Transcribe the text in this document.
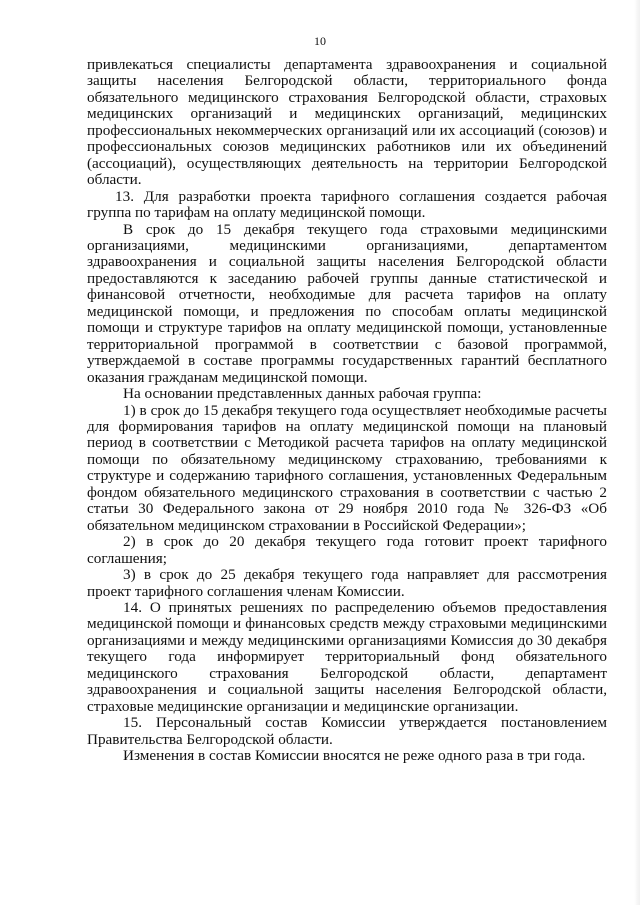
10

привлекаться специалисты департамента здравоохранения и социальной защиты населения Белгородской области, территориального фонда обязательного медицинского страхования Белгородской области, страховых медицинских организаций и медицинских организаций, медицинских профессиональных некоммерческих организаций или их ассоциаций (союзов) и профессиональных союзов медицинских работников или их объединений (ассоциаций), осуществляющих деятельность на территории Белгородской области.

13. Для разработки проекта тарифного соглашения создается рабочая группа по тарифам на оплату медицинской помощи.

В срок до 15 декабря текущего года страховыми медицинскими организациями, медицинскими организациями, департаментом здравоохранения и социальной защиты населения Белгородской области предоставляются к заседанию рабочей группы данные статистической и финансовой отчетности, необходимые для расчета тарифов на оплату медицинской помощи, и предложения по способам оплаты медицинской помощи и структуре тарифов на оплату медицинской помощи, установленные территориальной программой в соответствии с базовой программой, утверждаемой в составе программы государственных гарантий бесплатного оказания гражданам медицинской помощи.

На основании представленных данных рабочая группа:

1) в срок до 15 декабря текущего года осуществляет необходимые расчеты для формирования тарифов на оплату медицинской помощи на плановый период в соответствии с Методикой расчета тарифов на оплату медицинской помощи по обязательному медицинскому страхованию, требованиями к структуре и содержанию тарифного соглашения, установленных Федеральным фондом обязательного медицинского страхования в соответствии с частью 2 статьи 30 Федерального закона от 29 ноября 2010 года № 326-ФЗ «Об обязательном медицинском страховании в Российской Федерации»;

2) в срок до 20 декабря текущего года готовит проект тарифного соглашения;

3) в срок до 25 декабря текущего года направляет для рассмотрения проект тарифного соглашения членам Комиссии.

14. О принятых решениях по распределению объемов предоставления медицинской помощи и финансовых средств между страховыми медицинскими организациями и между медицинскими организациями Комиссия до 30 декабря текущего года информирует территориальный фонд обязательного медицинского страхования Белгородской области, департамент здравоохранения и социальной защиты населения Белгородской области, страховые медицинские организации и медицинские организации.

15. Персональный состав Комиссии утверждается постановлением Правительства Белгородской области.

Изменения в состав Комиссии вносятся не реже одного раза в три года.
